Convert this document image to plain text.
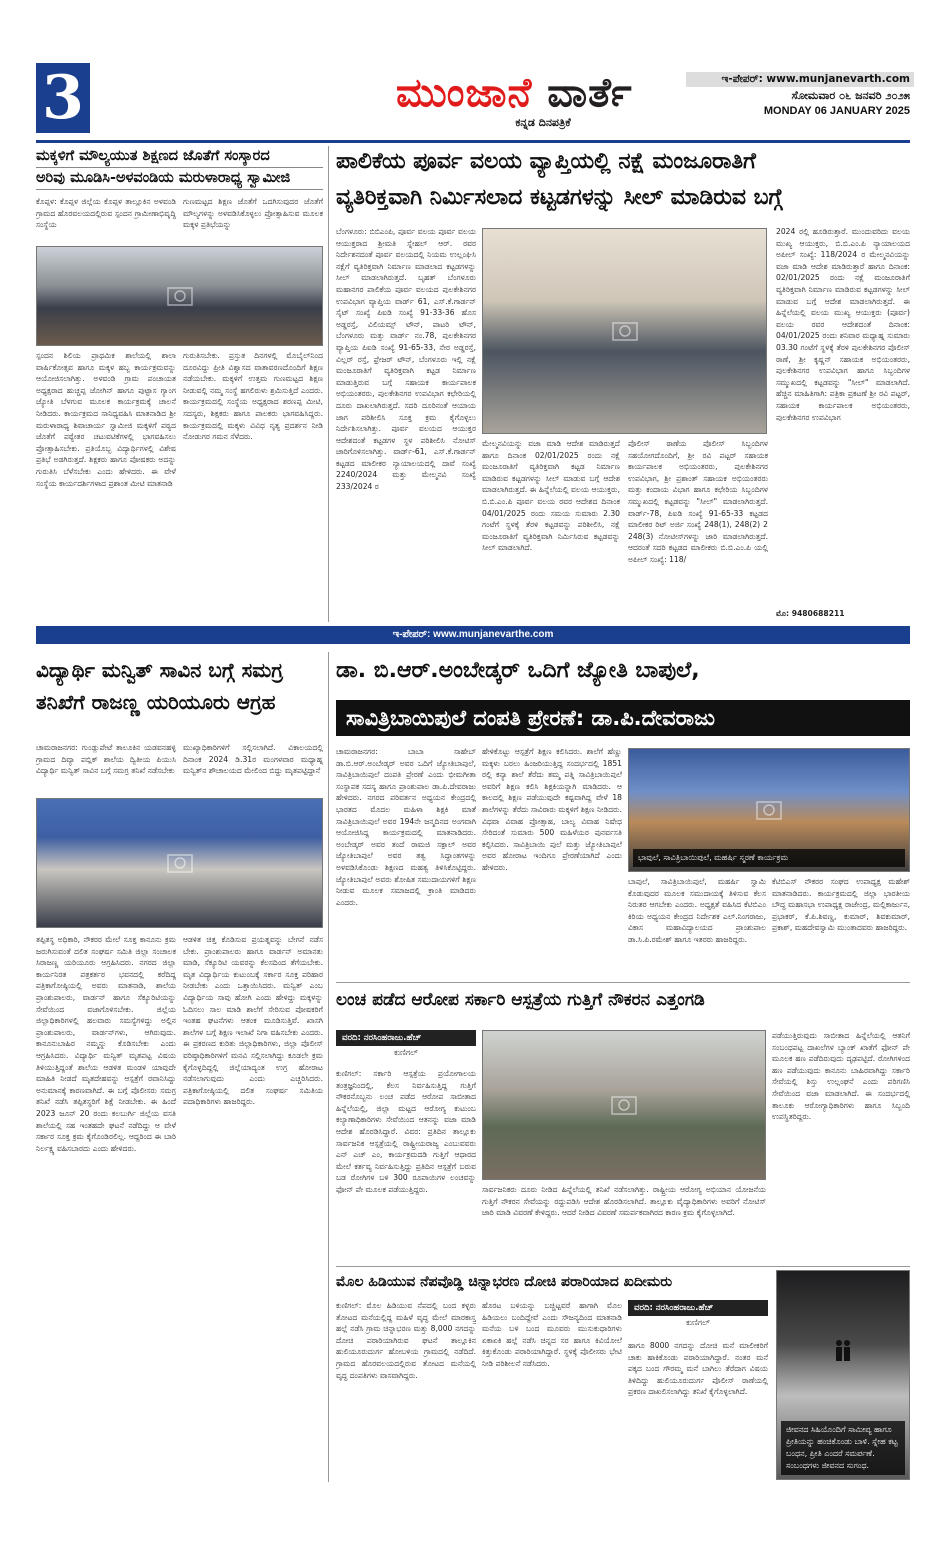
3	ಮುಂಜಾನೆ ವಾರ್ತೆ
ಕನ್ನಡ ದಿನಪತ್ರಿಕೆ
ಇ-ಪೇಪರ್: www.munjanevarth.com
ಸೋಮವಾರ ೦೬ ಜನವರಿ ೨೦೨೫
MONDAY 06 JANUARY 2025
ಮಕ್ಕಳಿಗೆ ಮೌಲ್ಯಯುತ ಶಿಕ್ಷಣದ ಜೊತೆಗೆ ಸಂಸ್ಕಾರದ
ಅರಿವು ಮೂಡಿಸಿ-ಅಳವಂಡಿಯ ಮರುಳಾರಾಧ್ಯ ಸ್ವಾಮೀಜಿ
ಕೊಪ್ಪಳ: ಕೊಪ್ಪಳ ಜಿಲ್ಲೆಯ ಕೊಪ್ಪಳ ತಾಲ್ಲೂಕಿನ ಅಳವಂಡಿ ಗ್ರಾಮದ ಹೊರವಲಯದಲ್ಲಿರುವ ಸ್ಪಂದನ ಗ್ರಾಮೀಣಾಭಿವೃದ್ಧಿ ಸಂಸ್ಥೆಯ
ಗುಣಮಟ್ಟದ ಶಿಕ್ಷಣ ಜೊತೆಗೆ ಒದಗಿಸುವುದರ ಜೊತೆಗೆ ಮೌಲ್ಯಗಳನ್ನು ಅಳವಡಿಸಿಕೊಳ್ಳಲು ಪ್ರೋತ್ಸಾಹಿಸುವ ಮೂಲಕ ಮಕ್ಕಳ ಪ್ರತಿಭೆಯನ್ನು
ಸ್ಪಂದನ ಶಿಲಿಯ ಪ್ರಾಥಮಿಕ ಶಾಲೆಯಲ್ಲಿ ಶಾಲಾ ವಾರ್ಷಿಕೋತ್ಸವ ಹಾಗೂ ಮಕ್ಕಳ ಹಬ್ಬ ಕಾರ್ಯಕ್ರಮವನ್ನು ಆಯೋಜಿಸಲಾಗಿತ್ತು. ಅಳವಂಡಿ ಗ್ರಾಮ ಪಂಚಾಯತ ಅಧ್ಯಕ್ಷರಾದ ಹುಚ್ಚಪ್ಪ ಜೋಗಿನ್ ಹಾಗೂ ಪುಟ್ಟಾಸ ಗ್ಯಾಂಗ ಜ್ಯೋತಿ ಬೆಳಗುವ ಮೂಲಕ ಕಾರ್ಯಕ್ರಮಕ್ಕೆ ಚಾಲನೆ ನೀಡಿದರು. ಕಾರ್ಯಕ್ರಮದ ಸಾನಿಧ್ಯವಹಿಸಿ ಮಾತನಾಡಿದ ಶ್ರೀ ಮರುಳಾರಾಧ್ಯ ಶಿವಾಚಾರ್ಯ ಸ್ವಾಮೀಜಿ ಮಕ್ಕಳಿಗೆ ಪಠ್ಯದ ಜೊತೆಗೆ ಪಠ್ಯೇತರ ಚಟುವಟಿಕೆಗಳಲ್ಲಿ ಭಾಗವಹಿಸಲು ಪ್ರೋತ್ಸಾಹಿಸಬೇಕು. ಪ್ರತಿಯೊಬ್ಬ ವಿದ್ಯಾರ್ಥಿಗಳಲ್ಲಿ ವಿಶೇಷ ಪ್ರತಿಭೆ ಅಡಗಿರುತ್ತದೆ. ಶಿಕ್ಷಕರು ಹಾಗೂ ಪೋಷಕರು ಅದನ್ನು ಗುರುತಿಸಿ ಬೆಳೆಸಬೇಕು ಎಂದು ಹೇಳಿದರು. ಈ ವೇಳೆ ಸಂಸ್ಥೆಯ ಕಾರ್ಯದರ್ಶಿಗಳಾದ ಪ್ರಶಾಂತ ಮೀಟಿ ಮಾತನಾಡಿ
ಗುರುತಿಸಬೇಕು. ಪ್ರಸ್ತುತ ದಿನಗಳಲ್ಲಿ ಮೊಬೈಲ್‌ನಿಂದ ದೂರವಿದ್ದು ಪ್ರೀತಿ ವಿಶ್ವಾಸದ ವಾತಾವರಣದೊಂದಿಗೆ ಶಿಕ್ಷಣ ನಡೆಯಬೇಕು. ಮಕ್ಕಳಿಗೆ ಉತ್ತಮ ಗುಣಮಟ್ಟದ ಶಿಕ್ಷಣ ನೀಡುವಲ್ಲಿ ನಮ್ಮ ಸಂಸ್ಥೆ ಹಗಲಿರುಳು ಶ್ರಮಿಸುತ್ತಿದೆ ಎಂದರು. ಕಾರ್ಯಕ್ರಮದಲ್ಲಿ ಸಂಸ್ಥೆಯ ಅಧ್ಯಕ್ಷರಾದ ಶರಣಪ್ಪ ಮೀಟಿ, ಸದಸ್ಯರು, ಶಿಕ್ಷಕರು ಹಾಗೂ ಪಾಲಕರು ಭಾಗವಹಿಸಿದ್ದರು. ಕಾರ್ಯಕ್ರಮದಲ್ಲಿ ಮಕ್ಕಳು ವಿವಿಧ ನೃತ್ಯ ಪ್ರದರ್ಶನ ನೀಡಿ ನೋಡುಗರ ಗಮನ ಸೆಳೆದರು.
ಪಾಲಿಕೆಯ ಪೂರ್ವ ವಲಯ ವ್ಯಾಪ್ತಿಯಲ್ಲಿ ನಕ್ಷೆ ಮಂಜೂರಾತಿಗೆ
ವ್ಯತಿರಿಕ್ತವಾಗಿ ನಿರ್ಮಿಸಲಾದ ಕಟ್ಟಡಗಳನ್ನು ಸೀಲ್ ಮಾಡಿರುವ ಬಗ್ಗೆ
ಬೆಂಗಳೂರು: ಬಿಬಿಎಂಪಿ, ಪೂರ್ವ ವಲಯ ಪೂರ್ವ ವಲಯ ಆಯುಕ್ತರಾದ ಶ್ರೀಮತಿ ಸ್ನೇಹಲ್ ಆರ್. ರವರ ನಿರ್ದೇಶನದಂತೆ ಪೂರ್ವ ವಲಯದಲ್ಲಿ ನಿಯಮ ಉಲ್ಲಂಘಿಸಿ ನಕ್ಷೆಗೆ ವ್ಯತಿರಿಕ್ತವಾಗಿ ನಿರ್ಮಾಣ ಮಾಡಲಾದ ಕಟ್ಟಡಗಳನ್ನು ಸೀಲ್ ಮಾಡಲಾಗಿರುತ್ತದೆ. ಬೃಹತ್ ಬೆಂಗಳೂರು ಮಹಾನಗರ ಪಾಲಿಕೆಯ ಪೂರ್ವ ವಲಯದ ಪುಲಕೇಶಿನಗರ ಉಪವಿಭಾಗ ವ್ಯಾಪ್ತಿಯ ವಾರ್ಡ್ 61, ಎಸ್.ಕೆ.ಗಾರ್ಡನ್ ಸೈಟ್ ಸಂಖ್ಯೆ ಪಿಐಡಿ ಸಂಖ್ಯೆ 91-33-36 ಹೊಸ ಅಡ್ಡರಸ್ತೆ, ವಿಲಿಯಮ್ಸ್ ಟೌನ್, ಪಾಟರಿ ಟೌನ್, ಬೆಂಗಳೂರು ಮತ್ತು ವಾರ್ಡ್ ನಂ.78, ಪುಲಕೇಶಿನಗರ ವ್ಯಾಪ್ತಿಯ ಪಿಐಡಿ ಸಂಖ್ಯೆ 91-65-33, ನೇರ ಅಡ್ಡರಸ್ತೆ, ವಿಲ್ಲರ್ ರಸ್ತೆ, ಫ್ರೇಜರ್ ಟೌನ್, ಬೆಂಗಳೂರು ಇಲ್ಲಿ ನಕ್ಷೆ ಮಂಜೂರಾತಿಗೆ ವ್ಯತಿರಿಕ್ತವಾಗಿ ಕಟ್ಟಡ ನಿರ್ಮಾಣ ಮಾಡುತ್ತಿರುವ ಬಗ್ಗೆ ಸಹಾಯಕ ಕಾರ್ಯಪಾಲಕ ಅಭಿಯಂತರರು, ಪುಲಕೇಶಿನಗರ ಉಪವಿಭಾಗ ಕಛೇರಿಯಲ್ಲಿ ದೂರು ದಾಖಲಾಗಿರುತ್ತದೆ. ಸದರಿ ದೂರಿನಂತೆ ಆಯಾಯ ಜಾಗ ಪರಿಶೀಲಿಸಿ ಸೂಕ್ತ ಕ್ರಮ ಕೈಗೊಳ್ಳಲು ನಿರ್ದೇಶಿಸಲಾಗಿತ್ತು. ಪೂರ್ವ ವಲಯದ ಆಯುಕ್ತರ ಆದೇಶದಂತೆ ಕಟ್ಟಡಗಳ ಸ್ಥಳ ಪರಿಶೀಲಿಸಿ ನೋಟಿಸ್ ಜಾರಿಗೊಳಿಸಲಾಗಿತ್ತು. ವಾರ್ಡ್-61, ಎಸ್.ಕೆ.ಗಾರ್ಡನ್ ಕಟ್ಟಡದ ಮಾಲೀಕರ ನ್ಯಾಯಾಲಯದಲ್ಲಿ ದಾವೆ ಸಂಖ್ಯೆ 2240/2024 ಮತ್ತು ಮೇಲ್ಮನವಿ ಸಂಖ್ಯೆ 233/2024 ರ
ಮೇಲ್ಮನವಿಯನ್ನು ವಜಾ ಮಾಡಿ ಆದೇಶ ಮಾಡಿರುತ್ತದೆ ಹಾಗೂ ದಿನಾಂಕ 02/01/2025 ರಂದು ನಕ್ಷೆ ಮಂಜೂರಾತಿಗೆ ವ್ಯತಿರಿಕ್ತವಾಗಿ ಕಟ್ಟಡ ನಿರ್ಮಾಣ ಮಾಡಿರುವ ಕಟ್ಟಡಗಳನ್ನು ಸೀಲ್ ಮಾಡುವ ಬಗ್ಗೆ ಆದೇಶ ಮಾಡಲಾಗಿರುತ್ತದೆ. ಈ ಹಿನ್ನೆಲೆಯಲ್ಲಿ ವಲಯ ಆಯುಕ್ತರು, ಬಿ.ಬಿ.ಎಂ.ಪಿ ಪೂರ್ವ ವಲಯ ರವರ ಆದೇಶದ ದಿನಾಂಕ 04/01/2025 ರಂದು ಸಮಯ ಸುಮಾರು 2.30 ಗಂಟೆಗೆ ಸ್ಥಳಕ್ಕೆ ತೆರಳಿ ಕಟ್ಟಡವನ್ನು ಪರಿಶೀಲಿಸಿ, ನಕ್ಷೆ ಮಂಜೂರಾತಿಗೆ ವ್ಯತಿರಿಕ್ತವಾಗಿ ನಿರ್ಮಿಸಿರುವ ಕಟ್ಟಡವನ್ನು ಸೀಲ್ ಮಾಡಲಾಗಿದೆ.
ಪೊಲೀಸ್ ಠಾಣೆಯ ಪೊಲೀಸ್ ಸಿಬ್ಬಂದಿಗಳ ಸಹಯೋಗದೊಂದಿಗೆ, ಶ್ರೀ ರವಿ ಪಟ್ಟರ್ ಸಹಾಯಕ ಕಾರ್ಯಪಾಲಕ ಅಭಿಯಂತರರು, ಪುಲಕೇಶಿನಗರ ಉಪವಿಭಾಗ, ಶ್ರೀ ಪ್ರಶಾಂತ್ ಸಹಾಯಕ ಅಭಿಯಂತರರು ಮತ್ತು ಕಂದಾಯ ವಿಭಾಗ ಹಾಗೂ ಕಛೇರಿಯ ಸಿಬ್ಬಂದಿಗಳ ಸಮ್ಮುಖದಲ್ಲಿ ಕಟ್ಟಡವನ್ನು "ಸೀಲ್" ಮಾಡಲಾಗಿರುತ್ತದೆ. ವಾರ್ಡ್-78, ಪಿಐಡಿ ಸಂಖ್ಯೆ 91-65-33 ಕಟ್ಟಡದ ಮಾಲೀಕರ ರಿಟ್ ಅರ್ಜಿ ಸಂಖ್ಯೆ 248(1), 248(2) 2 248(3) ನೋಟೀಸ್‌ಗಳನ್ನು ಜಾರಿ ಮಾಡಲಾಗಿರುತ್ತದೆ. ಆದರಂತೆ ಸದರಿ ಕಟ್ಟಡದ ಮಾಲೀಕರು ಬಿ.ಬಿ.ಎಂ.ಪಿ ಯಲ್ಲಿ ಅಪೀಲ್ ಸಂಖ್ಯೆ: 118/
2024 ರಲ್ಲಿ ಹೂಡಿರುತ್ತಾರೆ. ಮುಂದುವರಿದು ವಲಯ ಮುಖ್ಯ ಆಯುಕ್ತರು, ಬಿ.ಬಿ.ಎಂ.ಪಿ ನ್ಯಾಯಾಲಯದ ಅಪೀಲ್ ಸಂಖ್ಯೆ: 118/2024 ರ ಮೇಲ್ಮನವಿಯನ್ನು ವಜಾ ಮಾಡಿ ಆದೇಶ ಮಾಡಿರುತ್ತಾರೆ ಹಾಗೂ ದಿನಾಂಕ: 02/01/2025 ರಂದು ನಕ್ಷೆ ಮಂಜೂರಾತಿಗೆ ವ್ಯತಿರಿಕ್ತವಾಗಿ ನಿರ್ಮಾಣ ಮಾಡಿರುವ ಕಟ್ಟಡಗಳನ್ನು ಸೀಲ್ ಮಾಡುವ ಬಗ್ಗೆ ಆದೇಶ ಮಾಡಲಾಗಿರುತ್ತದೆ. ಈ ಹಿನ್ನೆಲೆಯಲ್ಲಿ ವಲಯ ಮುಖ್ಯ ಆಯುಕ್ತರು (ಪೂರ್ವ) ವಲಯ ರವರ ಆದೇಶದಂತೆ ದಿನಾಂಕ: 04/01/2025 ರಂದು ಶನಿವಾರ ಮಧ್ಯಾಹ್ನ ಸುಮಾರು 03.30 ಗಂಟೆಗೆ ಸ್ಥಳಕ್ಕೆ ತೆರಳಿ ಪುಲಕೇಶಿನಗರ ಪೊಲೀಸ್ ಠಾಣೆ, ಶ್ರೀ ಕೃಷ್ಣನ್ ಸಹಾಯಕ ಅಭಿಯಂತರರು, ಪುಲಕೇಶಿನಗರ ಉಪವಿಭಾಗ ಹಾಗೂ ಸಿಬ್ಬಂದಿಗಳ ಸಮ್ಮುಖದಲ್ಲಿ ಕಟ್ಟಡವನ್ನು "ಸೀಲ್" ಮಾಡಲಾಗಿದೆ. ಹೆಚ್ಚಿನ ಮಾಹಿತಿಗಾಗಿ: ಪತ್ರಿಕಾ ಪ್ರಕಟಣೆ ಶ್ರೀ ರವಿ ಪಟ್ಟರ್, ಸಹಾಯಕ ಕಾರ್ಯಪಾಲಕ ಅಭಿಯಂತರರು, ಪುಲಕೇಶಿನಗರ ಉಪವಿಭಾಗ
ಮೊ: 9480688211
ಇ-ಪೇಪರ್: www.munjanevarthe.com
ವಿದ್ಯಾರ್ಥಿ ಮನ್ವಿತ್ ಸಾವಿನ ಬಗ್ಗೆ ಸಮಗ್ರ
ತನಿಖೆಗೆ ರಾಜಣ್ಣ ಯರಿಯೂರು ಆಗ್ರಹ
ಚಾಮರಾಜನಗರ: ಗುಂಡ್ಲುಪೇಟೆ ತಾಲೂಕಿನ ಯಡವನಹಳ್ಳಿ ಗ್ರಾಮದ ದಿವ್ಯಾ ಪಬ್ಲಿಕ್ ಶಾಲೆಯ ದ್ವಿತೀಯ ಪಿಯುಸಿ ವಿದ್ಯಾರ್ಥಿ ಮನ್ವಿತ್ ಸಾವಿನ ಬಗ್ಗೆ ಸಮಗ್ರ ತನಿಖೆ ನಡೆಸಬೇಕು
ಮುಖ್ಯಾಧಿಕಾರಿಗಳಿಗೆ ಸಲ್ಲಿಸಲಾಗಿದೆ. ವಿಕಾಲಯದಲ್ಲಿ ದಿನಾಂಕ 2024 ಡಿ.31ರ ಮಂಗಳವಾರ ಮಧ್ಯಾಹ್ನ ಮನ್ವಿತ್‌ನ ಶೌಚಾಲಯದ ಮೇಲಿಂದ ಬಿದ್ದು ಮೃತಪಟ್ಟಿದ್ದಾನೆ
ತಪ್ಪಿತಸ್ಥ ಅಧಿಕಾರಿ, ನೌಕರರ ಮೇಲೆ ಸೂಕ್ತ ಕಾನೂನು ಕ್ರಮ ಜರುಗಿಸುವಂತೆ ದಲಿತ ಸಂಘರ್ಷ ಸಮಿತಿ ಜಿಲ್ಲಾ ಸಂಚಾಲಕ ಸಿರಾಜಣ್ಣ ಯರಿಯೂರು ಆಗ್ರಹಿಸಿದರು. ನಗರದ ಜಿಲ್ಲಾ ಕಾರ್ಯನಿರತ ಪತ್ರಕರ್ತರ ಭವನದಲ್ಲಿ ಕರೆದಿದ್ದ ಪತ್ರಿಕಾಗೋಷ್ಠಿಯಲ್ಲಿ ಅವರು ಮಾತನಾಡಿ, ಶಾಲೆಯ ಪ್ರಾಂಶುಪಾಲರು, ವಾರ್ಡನ್ ಹಾಗೂ ಸೆಕ್ಯೂರಿಟಿಯನ್ನು ಸೇವೆಯಿಂದ ವಜಾಗೊಳಿಸಬೇಕು. ಜಿಲ್ಲೆಯ ಜಿಲ್ಲಾಧಿಕಾರಿಗಳಲ್ಲಿ ಹಲವಾರು ಸಮಸ್ಯೆಗಳಿದ್ದು ಅಲ್ಲಿನ ಪ್ರಾಂಶುಪಾಲರು, ವಾರ್ಡನ್‌ಗಳು, ಆಗಿರುವುದು. ಕಾನೂನುಬಾಹಿರ ನಮ್ಮನ್ನು ಕೊಡಿಸಬೇಕು ಎಂದು ಆಗ್ರಹಿಸಿದರು. ವಿದ್ಯಾರ್ಥಿ ಮನ್ವಿತ್ ಮೃತಪಟ್ಟ ವಿಷಯ ತಿಳಿಯುತ್ತಿದ್ದಂತೆ ಶಾಲೆಯ ಆಡಳಿತ ಮಂಡಳಿ ಯಾವುದೇ ಮಾಹಿತಿ ನೀಡದೆ ಮೃತದೇಹವನ್ನು ಆಸ್ಪತ್ರೆಗೆ ರವಾನಿಸಿದ್ದು ಅನುಮಾನಕ್ಕೆ ಕಾರಣವಾಗಿದೆ. ಈ ಬಗ್ಗೆ ಪೊಲೀಸರು ಸಮಗ್ರ ತನಿಖೆ ನಡೆಸಿ ತಪ್ಪಿತಸ್ಥರಿಗೆ ಶಿಕ್ಷೆ ನೀಡಬೇಕು. ಈ ಹಿಂದೆ 2023 ಜೂನ್ 20 ರಂದು ಕಲಬುರ್ಗಿ ಜಿಲ್ಲೆಯ ವಸತಿ ಶಾಲೆಯಲ್ಲಿ ಸಹ ಇಂತಹದೇ ಘಟನೆ ನಡೆದಿದ್ದು ಆ ವೇಳೆ ಸರ್ಕಾರ ಸೂಕ್ತ ಕ್ರಮ ಕೈಗೊಂಡಿರಲಿಲ್ಲ. ಆದ್ದರಿಂದ ಈ ಬಾರಿ ನಿರ್ಲಕ್ಷ್ಯ ವಹಿಸಬಾರದು ಎಂದು ಹೇಳಿದರು.
ಆಡಳಿತ ಚಿತ್ತ ಕೊಡಿಸುವ ಪ್ರಯತ್ನವನ್ನು ಬೇಗನೆ ನಡೆಸ ಬೇಕು. ಪ್ರಾಂಶುಪಾಲರು ಹಾಗೂ ವಾರ್ಡನ್ ಅಮಾನತು ಮಾಡಿ, ಸೆಕ್ಯೂರಿಟಿ ಯವರನ್ನು ಕೆಲಸದಿಂದ ತೆಗೆಯಬೇಕು. ಮೃತ ವಿದ್ಯಾರ್ಥಿಯ ಕುಟುಂಬಕ್ಕೆ ಸರ್ಕಾರ ಸೂಕ್ತ ಪರಿಹಾರ ನೀಡಬೇಕು ಎಂದು ಒತ್ತಾಯಿಸಿದರು. ಮನ್ವಿತ್ ಎಂಬ ವಿದ್ಯಾರ್ಥಿಯ ಸಾವು ಹೋಗಿ ಎಂದು ಹೇಳಿದ್ದು ಮಕ್ಕಳನ್ನು ಓದಿಸಲು ಸಾಲ ಮಾಡಿ ಶಾಲೆಗೆ ಸೇರಿಸುವ ಪೋಷಕರಿಗೆ ಇಂತಹ ಘಟನೆಗಳು ಆತಂಕ ಮೂಡಿಸುತ್ತಿವೆ. ಖಾಸಗಿ ಶಾಲೆಗಳ ಬಗ್ಗೆ ಶಿಕ್ಷಣ ಇಲಾಖೆ ನಿಗಾ ವಹಿಸಬೇಕು ಎಂದರು. ಈ ಪ್ರಕರಣದ ಕುರಿತು ಜಿಲ್ಲಾಧಿಕಾರಿಗಳು, ಜಿಲ್ಲಾ ಪೊಲೀಸ್ ವರಿಷ್ಠಾಧಿಕಾರಿಗಳಿಗೆ ಮನವಿ ಸಲ್ಲಿಸಲಾಗಿದ್ದು ಕೂಡಲೇ ಕ್ರಮ ಕೈಗೊಳ್ಳದಿದ್ದಲ್ಲಿ ಜಿಲ್ಲೆಯಾದ್ಯಂತ ಉಗ್ರ ಹೋರಾಟ ನಡೆಸಲಾಗುವುದು ಎಂದು ಎಚ್ಚರಿಸಿದರು. ಪತ್ರಿಕಾಗೋಷ್ಠಿಯಲ್ಲಿ ದಲಿತ ಸಂಘರ್ಷ ಸಮಿತಿಯ ಪದಾಧಿಕಾರಿಗಳು ಹಾಜರಿದ್ದರು.
ಡಾ. ಬಿ.ಆರ್.ಅಂಬೇಡ್ಕರ್ ಒದಿಗೆ ಜ್ಯೋತಿ ಬಾಪುಲೆ,
ಸಾವಿತ್ರಿಬಾಯಿಪುಲೆ ದಂಪತಿ ಪ್ರೇರಣೆ: ಡಾ.ಪಿ.ದೇವರಾಜು
ಚಾಮರಾಜನಗರ: ಬಾಬಾ ಸಾಹೇಬ್ ಡಾ.ಬಿ.ಆರ್.ಅಂಬೇಡ್ಕರ್ ಅವರ ಒದಿಗೆ ಜ್ಯೋತಿಬಾಪುಲೆ, ಸಾವಿತ್ರಿಬಾಯಿಪುಲೆ ದಂಪತಿ ಪ್ರೇರಣೆ ಎಂದು ಭೀಮಗೀತಾ ಸಂಸ್ಥಾಪಕ ಸದಸ್ಯ ಹಾಗೂ ಪ್ರಾಂಶುಪಾಲ ಡಾ.ಪಿ.ದೇವರಾಜು ಹೇಳಿದರು. ನಗರದ ಪರಿವರ್ತನ ಅಧ್ಯಯನ ಕೇಂದ್ರದಲ್ಲಿ ಭಾರತದ ಮೊದಲ ಮಹಿಳಾ ಶಿಕ್ಷಕಿ ಮಾತೆ ಸಾವಿತ್ರಿಬಾಯಿಪುಲೆ ಅವರ 194ನೇ ಜನ್ಮದಿನದ ಅಂಗವಾಗಿ ಆಯೋಜಿಸಿದ್ದ ಕಾರ್ಯಕ್ರಮದಲ್ಲಿ ಮಾತನಾಡಿದರು. ಅಂಬೇಡ್ಕರ್ ಅವರ ತಂದೆ ರಾಮಜಿ ಸಕ್ಪಾಲ್ ಅವರ ಜ್ಯೋತಿಬಾಪುಲೆ ಅವರ ತತ್ವ ಸಿದ್ಧಾಂತಗಳನ್ನು ಅಳವಡಿಸಿಕೊಂಡು ಶಿಕ್ಷಣದ ಮಹತ್ವ ತಿಳಿಸಿಕೊಟ್ಟಿದ್ದರು. ಜ್ಯೋತಿಬಾಪುಲೆ ಅವರು ಶೋಷಿತ ಸಮುದಾಯಗಳಿಗೆ ಶಿಕ್ಷಣ ನೀಡುವ ಮೂಲಕ ಸಮಾಜದಲ್ಲಿ ಕ್ರಾಂತಿ ಮಾಡಿದರು ಎಂದರು.
ಹೇಳಿಕೊಟ್ಟು ಆಸ್ಪತ್ರೆಗೆ ಶಿಕ್ಷಣ ಕಲಿಸಿದರು. ಶಾಲೆಗೆ ಹೆಣ್ಣು ಮಕ್ಕಳು ಬರಲು ಹಿಂಜರಿಯುತ್ತಿದ್ದ ಸಂದರ್ಭದಲ್ಲಿ 1851 ರಲ್ಲಿ ಕನ್ಯಾ ಶಾಲೆ ತೆರೆದು ತಮ್ಮ ಪತ್ನಿ ಸಾವಿತ್ರಿಬಾಯಿಪುಲೆ ಅವರಿಗೆ ಶಿಕ್ಷಣ ಕಲಿಸಿ ಶಿಕ್ಷಕಿಯನ್ನಾಗಿ ಮಾಡಿದರು. ಆ ಕಾಲದಲ್ಲಿ ಶಿಕ್ಷಣ ಪಡೆಯುವುದೇ ಕಷ್ಟವಾಗಿದ್ದ ವೇಳೆ 18 ಶಾಲೆಗಳನ್ನು ತೆರೆದು ಸಾವಿರಾರು ಮಕ್ಕಳಿಗೆ ಶಿಕ್ಷಣ ನೀಡಿದರು. ವಿಧವಾ ವಿವಾಹ ಪ್ರೋತ್ಸಾಹ, ಬಾಲ್ಯ ವಿವಾಹ ನಿಷೇಧ ಸೇರಿದಂತೆ ಸುಮಾರು 500 ಮಹಿಳೆಯರ ಪುನರ್ವಸತಿ ಕಲ್ಪಿಸಿದರು. ಸಾವಿತ್ರಿಬಾಯಿ ಪುಲೆ ಮತ್ತು ಜ್ಯೋತಿಬಾಪುಲೆ ಅವರ ಹೋರಾಟ ಇಂದಿಗೂ ಪ್ರೇರಣೆಯಾಗಿದೆ ಎಂದು ಹೇಳಿದರು.
ಭಾವುಲೆ, ಸಾವಿತ್ರಿಬಾಯಿಪುಲೆ, ಮಹರ್ಷಿ ಸ್ಮರಣೆ ಕಾರ್ಯಕ್ರಮ
ಬಾಪುಲೆ, ಸಾವಿತ್ರಿಬಾಯಿಪುಲೆ, ಮಹರ್ಷಿ ಸ್ವಾಮಿ ಕೊಡುವುದರ ಮೂಲಕ ಸಮುದಾಯಕ್ಕೆ ತಿಳಿಸುವ ಕೆಲಸ ನಿರುತರ ಆಗಬೇಕು ಎಂದರು. ಅಧ್ಯಕ್ಷತೆ ವಹಿಸಿದ ಕೆಟಿಬಿಎಂ ಕಿರಿಯ ಅಧ್ಯಯನ ಕೇಂದ್ರದ ನಿರ್ದೇಶಕ ಎಲ್.ನಿಂಗರಾಜು, ವಿಕಾಸ ಮಹಾವಿದ್ಯಾಲಯದ ಪ್ರಾಂಶುಪಾಲ ಡಾ.ಸಿ.ಪಿ.ರಮೇಶ್ ಹಾಗೂ ಇತರರು ಹಾಜರಿದ್ದರು.
ಕೆಟಿಬಿಎಸ್ ನೌಕರರ ಸಂಘದ ಉಪಾಧ್ಯಕ್ಷ ಮಹೇಶ್ ಮಾತನಾಡಿದರು. ಕಾರ್ಯಕ್ರಮದಲ್ಲಿ ಜಿಲ್ಲಾ ಭಾರತೀಯ ಬೌದ್ಧ ಮಹಾಸಭಾ ಉಪಾಧ್ಯಕ್ಷ ರಾಜೇಂದ್ರ, ಮಲ್ಲಿಕಾರ್ಜುನ, ಪ್ರಭಾಕರ್, ಕೆ.ಪಿ.ಶಿವಣ್ಣ, ಕುಮಾರ್, ಶಿವಕುಮಾರ್, ಪ್ರಕಾಶ್, ಮಹದೇವಸ್ವಾಮಿ ಮುಂತಾದವರು ಹಾಜರಿದ್ದರು.
ಲಂಚ ಪಡೆದ ಆರೋಪ ಸರ್ಕಾರಿ ಆಸ್ಪತ್ರೆಯ ಗುತ್ತಿಗೆ ನೌಕರನ ಎತ್ತಂಗಡಿ
ವರದಿ: ನರಸಿಂಹರಾಜು.ಹೆಚ್
ಕುಣಿಗಲ್
ಕುಣಿಗಲ್: ಸರ್ಕಾರಿ ಆಸ್ಪತ್ರೆಯ ಪ್ರಯೋಗಾಲಯ ತಂತ್ರಜ್ಞನಿಂದಲ್ಲಿ, ಕೆಲಸ ನಿರ್ವಹಿಸುತ್ತಿದ್ದ ಗುತ್ತಿಗೆ ನೌಕರನೊಬ್ಬನು ಲಂಚ ಪಡೆದ ಆರೋಪ ಸಾಬೀತಾದ ಹಿನ್ನೆಲೆಯಲ್ಲಿ, ಜಿಲ್ಲಾ ಮಟ್ಟದ ಆರೋಗ್ಯ ಕುಟುಂಬ ಕಲ್ಯಾಣಾಧಿಕಾರಿಗಳು ಸೇವೆಯಿಂದ ಆತನನ್ನು ವಜಾ ಮಾಡಿ ಆದೇಶ ಹೊರಡಿಸಿದ್ದಾರೆ. ವಿವರ: ಪ್ರತಿದಿನ ತಾಲ್ಲೂಕು ಸಾರ್ವಜನಿಕ ಆಸ್ಪತ್ರೆಯಲ್ಲಿ ರಾಷ್ಟ್ರೀಯರಾಜ್ಯ ಎಂಬುವವರು ಎನ್ ಎಚ್ ಎಂ, ಕಾರ್ಯಕ್ರಮದಡಿ ಗುತ್ತಿಗೆ ಆಧಾರದ ಮೇಲೆ ಕರ್ತವ್ಯ ನಿರ್ವಹಿಸುತ್ತಿದ್ದು ಪ್ರತಿದಿನ ಆಸ್ಪತ್ರೆಗೆ ಬರುವ ಬಡ ರೋಗಿಗಳ ಬಳಿ 300 ರೂಪಾಯಿಗಳ ಲಂಚವನ್ನು ಫೋನ್ ಪೇ ಮೂಲಕ ಪಡೆಯುತ್ತಿದ್ದರು.	ಸಾರ್ವಜನಿಕರು ದೂರು ನೀಡಿದ ಹಿನ್ನೆಲೆಯಲ್ಲಿ ತನಿಖೆ ನಡೆಸಲಾಗಿತ್ತು. ರಾಷ್ಟ್ರೀಯ ಆರೋಗ್ಯ ಅಭಿಯಾನ ಯೋಜನೆಯ ಗುತ್ತಿಗೆ ನೌಕರನ ಸೇವೆಯನ್ನು ರದ್ದುಪಡಿಸಿ ಆದೇಶ ಹೊರಡಿಸಲಾಗಿದೆ. ತಾಲ್ಲೂಕು ವೈದ್ಯಾಧಿಕಾರಿಗಳು ಅವರಿಗೆ ನೋಟಿಸ್ ಜಾರಿ ಮಾಡಿ ವಿವರಣೆ ಕೇಳಿದ್ದರು. ಆದರೆ ನೀಡಿದ ವಿವರಣೆ ಸಮರ್ಪಕವಾಗಿರದ ಕಾರಣ ಕ್ರಮ ಕೈಗೊಳ್ಳಲಾಗಿದೆ.
ಪಡೆಯುತ್ತಿರುವುದು ಸಾಬೀತಾದ ಹಿನ್ನೆಲೆಯಲ್ಲಿ ಆತನಿಗೆ ಸಂಬಂಧಪಟ್ಟ ದಾಖಲೆಗಳ ಬ್ಯಾಂಕ್ ಖಾತೆಗೆ ಫೋನ್ ಪೇ ಮೂಲಕ ಹಣ ಪಡೆದಿರುವುದು ದೃಢಪಟ್ಟಿದೆ. ರೋಗಿಗಳಿಂದ ಹಣ ಪಡೆಯುವುದು ಕಾನೂನು ಬಾಹಿರವಾಗಿದ್ದು ಸರ್ಕಾರಿ ಸೇವೆಯಲ್ಲಿ ಶಿಸ್ತು ಉಲ್ಲಂಘನೆ ಎಂದು ಪರಿಗಣಿಸಿ ಸೇವೆಯಿಂದ ವಜಾ ಮಾಡಲಾಗಿದೆ. ಈ ಸಂದರ್ಭದಲ್ಲಿ ತಾಲೂಕು ಆರೋಗ್ಯಾಧಿಕಾರಿಗಳು ಹಾಗೂ ಸಿಬ್ಬಂದಿ ಉಪಸ್ಥಿತರಿದ್ದರು.
ಮೊಲ ಹಿಡಿಯುವ ನೆಪವೊಡ್ಡಿ ಚಿನ್ನಾಭರಣ ದೋಚಿ ಪರಾರಿಯಾದ ಖದೀಮರು
ಕುಣಿಗಲ್: ಮೊಲ ಹಿಡಿಯುವ ನೆಪದಲ್ಲಿ ಬಂದ ಕಳ್ಳರು ತೋಟದ ಮನೆಯಲ್ಲಿದ್ದ ಮಹಿಳೆ ವೃದ್ಧ ಮೇಲೆ ಮಾರಕಾಸ್ತ್ರ ಹಲ್ಲೆ ನಡೆಸಿ ಗ್ರಾಮ ಚಿನ್ನಾಭರಣ ಮತ್ತು 8,000 ನಗದನ್ನು ದೋಚಿ ಪರಾರಿಯಾಗಿರುವ ಘಟನೆ ತಾಲ್ಲೂಕಿನ ಹುಲಿಯೂರುದುರ್ಗ ಹೋಬಳಿಯ ಗ್ರಾಮದಲ್ಲಿ ನಡೆದಿದೆ. ಗ್ರಾಮದ ಹೊರವಲಯದಲ್ಲಿರುವ ತೋಟದ ಮನೆಯಲ್ಲಿ ವೃದ್ಧ ದಂಪತಿಗಳು ವಾಸವಾಗಿದ್ದರು.
ಹೊರಟ ಬಳಿಯನ್ನು ಬಚ್ಚಿಟ್ಟವರೆ ಹಾಗಾಗಿ ಮೊಲ ಹಿಡಿಯಲು ಬಂದಿದ್ದೇವೆ ಎಂದು ಸೌಜನ್ಯದಿಂದ ಮಾತನಾಡಿ ಮನೆಯ ಬಳಿ ಬಂದ ಮೂವರು ಮುಸುಕುಧಾರಿಗಳು ಏಕಾಏಕಿ ಹಲ್ಲೆ ನಡೆಸಿ ಚಿನ್ನದ ಸರ ಹಾಗೂ ಕಿವಿಯೋಲೆ ಕಿತ್ತುಕೊಂಡು ಪರಾರಿಯಾಗಿದ್ದಾರೆ. ಸ್ಥಳಕ್ಕೆ ಪೊಲೀಸರು ಭೇಟಿ ನೀಡಿ ಪರಿಶೀಲನೆ ನಡೆಸಿದರು.
ವರದಿ: ನರಸಿಂಹರಾಜು.ಹೆಚ್
ಕುಣಿಗಲ್
ಹಾಗೂ 8000 ನಗದನ್ನು ದೋಚಿ ಮನೆ ಮಾಲೀಕರಿಗೆ ಚಾಕು ಹಾಕಿಕೊಂಡು ಪರಾರಿಯಾಗಿದ್ದಾರೆ. ನಂತರ ಮನೆ ಪಕ್ಕದ ಬಂದ ಗೌರಮ್ಮ ಮನೆ ಬಾಗಿಲು ತೆರೆದಾಗ ವಿಷಯ ತಿಳಿದಿದ್ದು ಹುಲಿಯೂರುದುರ್ಗ ಪೊಲೀಸ್ ಠಾಣೆಯಲ್ಲಿ ಪ್ರಕರಣ ದಾಖಲಿಸಲಾಗಿದ್ದು ತನಿಖೆ ಕೈಗೊಳ್ಳಲಾಗಿದೆ.
ಜೀವನದ ಸಿಹಿಯೊಂದಿಗೆ ಸಾಮೀಪ್ಯ ಹಾಗೂ ಪ್ರೀತಿಯನ್ನು ಹಂಚಿಕೊಂಡು ಬಾಳಿ. ಸ್ನೇಹ ಕಟ್ಟ ಬಂಧನ, ಪ್ರೀತಿ ಎಂದರೆ ಸಮರ್ಪಣೆ. ಸಂಬಂಧಗಳು ಜೀವನದ ಸುಗಂಧ.
